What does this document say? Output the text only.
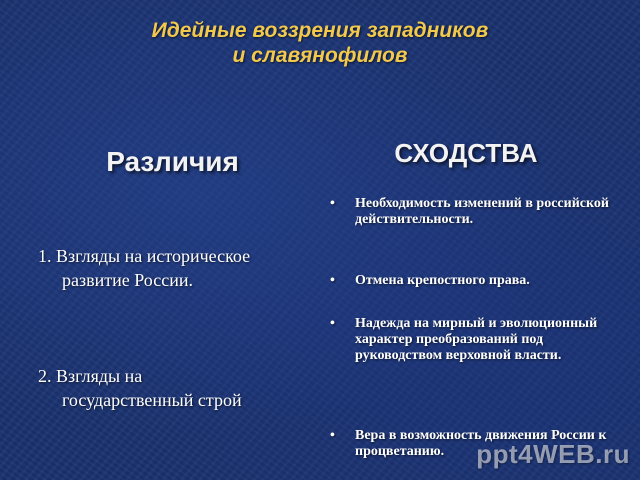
Идейные воззрения западников
и славянофилов
Различия
1. Взгляды на историческое
развитие России.
2. Взгляды на
государственный строй
СХОДСТВА
• Необходимость изменений в российской действительности.
• Отмена крепостного права.
• Надежда на мирный и эволюционный характер преобразований под руководством верховной власти.
• Вера в возможность движения России к процветанию.	ppt4WEB.ru
